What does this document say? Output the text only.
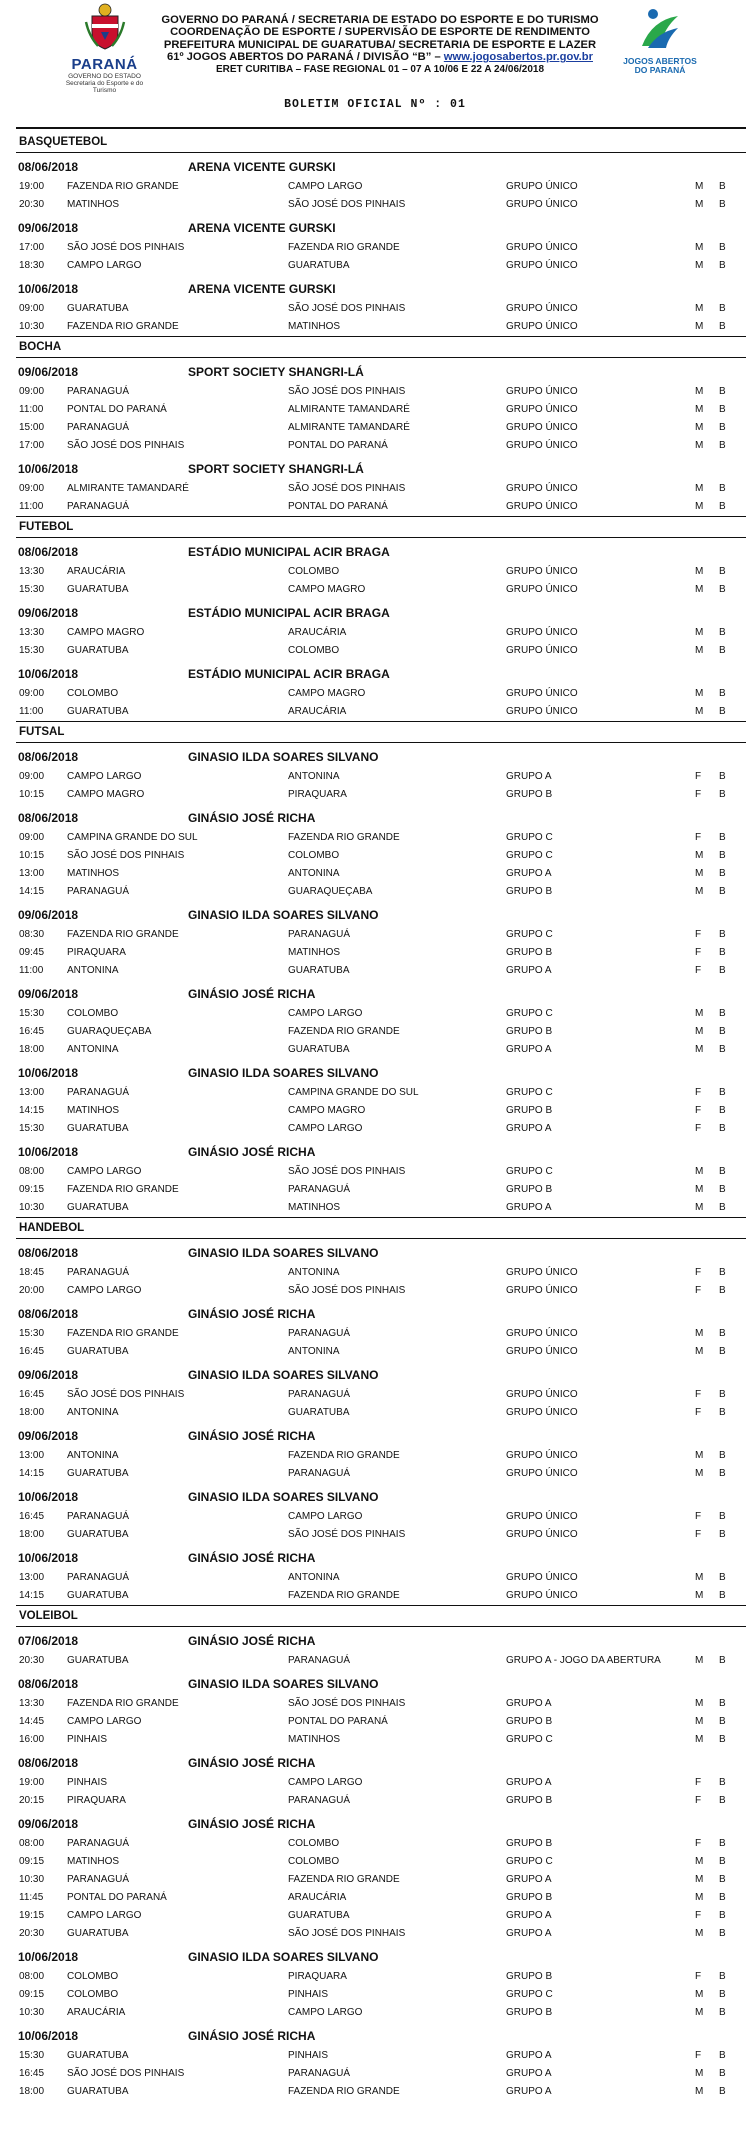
PARANÁ
GOVERNO DO ESTADO
Secretaria do Esporte e do Turismo
GOVERNO DO PARANÁ / SECRETARIA DE ESTADO DO ESPORTE E DO TURISMO
COORDENAÇÃO DE ESPORTE / SUPERVISÃO DE ESPORTE DE RENDIMENTO
PREFEITURA MUNICIPAL DE GUARATUBA/ SECRETARIA DE ESPORTE E LAZER
61º JOGOS ABERTOS DO PARANÁ / DIVISÃO “B” – www.jogosabertos.pr.gov.br
ERET CURITIBA – FASE REGIONAL 01 – 07 A 10/06 E 22 A 24/06/2018
JOGOS ABERTOS
DO PARANÁ
BOLETIM OFICIAL Nº : 01
BASQUETEBOL
08/06/2018	ARENA VICENTE GURSKI
19:00 FAZENDA RIO GRANDE	CAMPO LARGO	GRUPO ÚNICO	M B
20:30 MATINHOS	SÃO JOSÉ DOS PINHAIS	GRUPO ÚNICO	M B
09/06/2018	ARENA VICENTE GURSKI
17:00 SÃO JOSÉ DOS PINHAIS	FAZENDA RIO GRANDE	GRUPO ÚNICO	M B
18:30 CAMPO LARGO	GUARATUBA	GRUPO ÚNICO	M B
10/06/2018	ARENA VICENTE GURSKI
09:00 GUARATUBA	SÃO JOSÉ DOS PINHAIS	GRUPO ÚNICO	M B
10:30 FAZENDA RIO GRANDE	MATINHOS	GRUPO ÚNICO	M B
BOCHA
09/06/2018	SPORT SOCIETY SHANGRI-LÁ
09:00 PARANAGUÁ	SÃO JOSÉ DOS PINHAIS	GRUPO ÚNICO	M B
11:00 PONTAL DO PARANÁ	ALMIRANTE TAMANDARÉ	GRUPO ÚNICO	M B
15:00 PARANAGUÁ	ALMIRANTE TAMANDARÉ	GRUPO ÚNICO	M B
17:00 SÃO JOSÉ DOS PINHAIS	PONTAL DO PARANÁ	GRUPO ÚNICO	M B
10/06/2018	SPORT SOCIETY SHANGRI-LÁ
09:00 ALMIRANTE TAMANDARÉ	SÃO JOSÉ DOS PINHAIS	GRUPO ÚNICO	M B
11:00 PARANAGUÁ	PONTAL DO PARANÁ	GRUPO ÚNICO	M B
FUTEBOL
08/06/2018	ESTÁDIO MUNICIPAL ACIR BRAGA
13:30 ARAUCÁRIA	COLOMBO	GRUPO ÚNICO	M B
15:30 GUARATUBA	CAMPO MAGRO	GRUPO ÚNICO	M B
09/06/2018	ESTÁDIO MUNICIPAL ACIR BRAGA
13:30 CAMPO MAGRO	ARAUCÁRIA	GRUPO ÚNICO	M B
15:30 GUARATUBA	COLOMBO	GRUPO ÚNICO	M B
10/06/2018	ESTÁDIO MUNICIPAL ACIR BRAGA
09:00 COLOMBO	CAMPO MAGRO	GRUPO ÚNICO	M B
11:00 GUARATUBA	ARAUCÁRIA	GRUPO ÚNICO	M B
FUTSAL
08/06/2018	GINASIO ILDA SOARES SILVANO
09:00 CAMPO LARGO	ANTONINA	GRUPO A	F B
10:15 CAMPO MAGRO	PIRAQUARA	GRUPO B	F B
08/06/2018	GINÁSIO JOSÉ RICHA
09:00 CAMPINA GRANDE DO SUL	FAZENDA RIO GRANDE	GRUPO C	F B
10:15 SÃO JOSÉ DOS PINHAIS	COLOMBO	GRUPO C	M B
13:00 MATINHOS	ANTONINA	GRUPO A	M B
14:15 PARANAGUÁ	GUARAQUEÇABA	GRUPO B	M B
09/06/2018	GINASIO ILDA SOARES SILVANO
08:30 FAZENDA RIO GRANDE	PARANAGUÁ	GRUPO C	F B
09:45 PIRAQUARA	MATINHOS	GRUPO B	F B
11:00 ANTONINA	GUARATUBA	GRUPO A	F B
09/06/2018	GINÁSIO JOSÉ RICHA
15:30 COLOMBO	CAMPO LARGO	GRUPO C	M B
16:45 GUARAQUEÇABA	FAZENDA RIO GRANDE	GRUPO B	M B
18:00 ANTONINA	GUARATUBA	GRUPO A	M B
10/06/2018	GINASIO ILDA SOARES SILVANO
13:00 PARANAGUÁ	CAMPINA GRANDE DO SUL	GRUPO C	F B
14:15 MATINHOS	CAMPO MAGRO	GRUPO B	F B
15:30 GUARATUBA	CAMPO LARGO	GRUPO A	F B
10/06/2018	GINÁSIO JOSÉ RICHA
08:00 CAMPO LARGO	SÃO JOSÉ DOS PINHAIS	GRUPO C	M B
09:15 FAZENDA RIO GRANDE	PARANAGUÁ	GRUPO B	M B
10:30 GUARATUBA	MATINHOS	GRUPO A	M B
HANDEBOL
08/06/2018	GINASIO ILDA SOARES SILVANO
18:45 PARANAGUÁ	ANTONINA	GRUPO ÚNICO	F B
20:00 CAMPO LARGO	SÃO JOSÉ DOS PINHAIS	GRUPO ÚNICO	F B
08/06/2018	GINÁSIO JOSÉ RICHA
15:30 FAZENDA RIO GRANDE	PARANAGUÁ	GRUPO ÚNICO	M B
16:45 GUARATUBA	ANTONINA	GRUPO ÚNICO	M B
09/06/2018	GINASIO ILDA SOARES SILVANO
16:45 SÃO JOSÉ DOS PINHAIS	PARANAGUÁ	GRUPO ÚNICO	F B
18:00 ANTONINA	GUARATUBA	GRUPO ÚNICO	F B
09/06/2018	GINÁSIO JOSÉ RICHA
13:00 ANTONINA	FAZENDA RIO GRANDE	GRUPO ÚNICO	M B
14:15 GUARATUBA	PARANAGUÁ	GRUPO ÚNICO	M B
10/06/2018	GINASIO ILDA SOARES SILVANO
16:45 PARANAGUÁ	CAMPO LARGO	GRUPO ÚNICO	F B
18:00 GUARATUBA	SÃO JOSÉ DOS PINHAIS	GRUPO ÚNICO	F B
10/06/2018	GINÁSIO JOSÉ RICHA
13:00 PARANAGUÁ	ANTONINA	GRUPO ÚNICO	M B
14:15 GUARATUBA	FAZENDA RIO GRANDE	GRUPO ÚNICO	M B
VOLEIBOL
07/06/2018	GINÁSIO JOSÉ RICHA
20:30 GUARATUBA	PARANAGUÁ	GRUPO A - JOGO DA ABERTURA	M B
08/06/2018	GINASIO ILDA SOARES SILVANO
13:30 FAZENDA RIO GRANDE	SÃO JOSÉ DOS PINHAIS	GRUPO A	M B
14:45 CAMPO LARGO	PONTAL DO PARANÁ	GRUPO B	M B
16:00 PINHAIS	MATINHOS	GRUPO C	M B
08/06/2018	GINÁSIO JOSÉ RICHA
19:00 PINHAIS	CAMPO LARGO	GRUPO A	F B
20:15 PIRAQUARA	PARANAGUÁ	GRUPO B	F B
09/06/2018	GINÁSIO JOSÉ RICHA
08:00 PARANAGUÁ	COLOMBO	GRUPO B	F B
09:15 MATINHOS	COLOMBO	GRUPO C	M B
10:30 PARANAGUÁ	FAZENDA RIO GRANDE	GRUPO A	M B
11:45 PONTAL DO PARANÁ	ARAUCÁRIA	GRUPO B	M B
19:15 CAMPO LARGO	GUARATUBA	GRUPO A	F B
20:30 GUARATUBA	SÃO JOSÉ DOS PINHAIS	GRUPO A	M B
10/06/2018	GINASIO ILDA SOARES SILVANO
08:00 COLOMBO	PIRAQUARA	GRUPO B	F B
09:15 COLOMBO	PINHAIS	GRUPO C	M B
10:30 ARAUCÁRIA	CAMPO LARGO	GRUPO B	M B
10/06/2018	GINÁSIO JOSÉ RICHA
15:30 GUARATUBA	PINHAIS	GRUPO A	F B
16:45 SÃO JOSÉ DOS PINHAIS	PARANAGUÁ	GRUPO A	M B
18:00 GUARATUBA	FAZENDA RIO GRANDE	GRUPO A	M B
